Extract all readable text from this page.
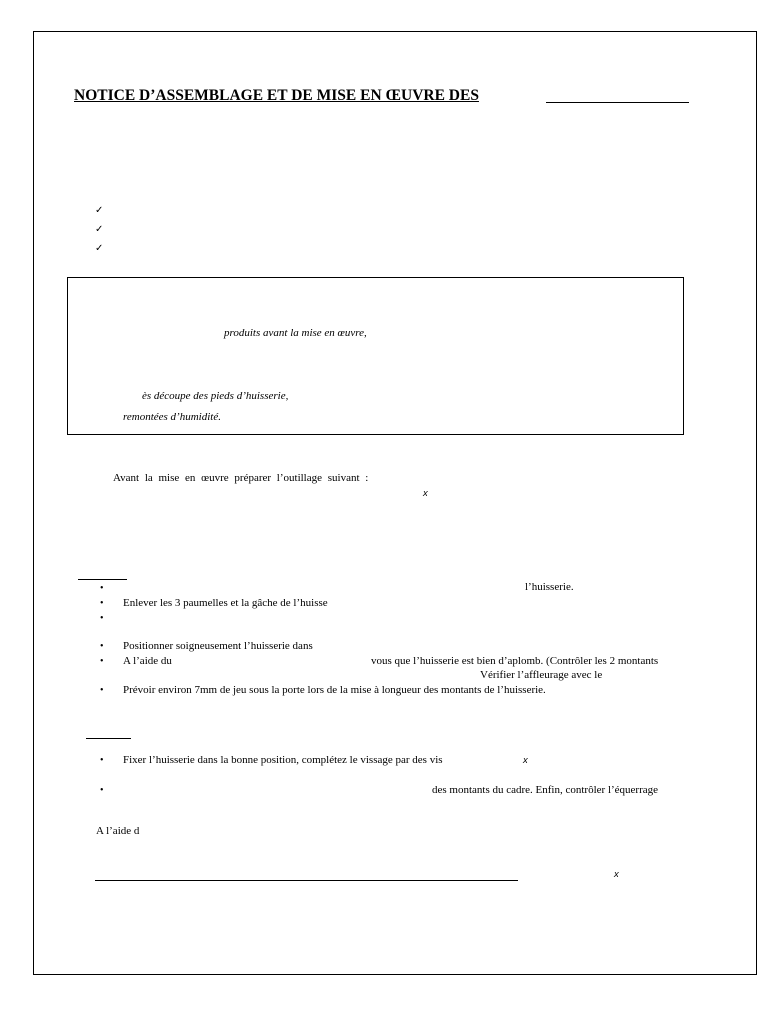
NOTICE D’ASSEMBLAGE ET DE MISE EN ŒUVRE DES
✓
✓
✓
produits avant la mise en œuvre,
ès découpe des pieds d’huisserie,
remontées d’humidité.
Avant la mise en œuvre préparer l’outillage suivant :
x
•	l’huisserie.
• Enlever les 3 paumelles et la gâche de l’huisse
•
• Positionner soigneusement l’huisserie dans
• A l’aide du	vous que l’huisserie est bien d’aplomb. (Contrôler les 2 montants
Vérifier l’affleurage avec le
• Prévoir environ 7mm de jeu sous la porte lors de la mise à longueur des montants de l’huisserie.
• Fixer l’huisserie dans la bonne position, complétez le vissage par des vis	x
•	des montants du cadre. Enfin, contrôler l’équerrage
A l’aide d
x
